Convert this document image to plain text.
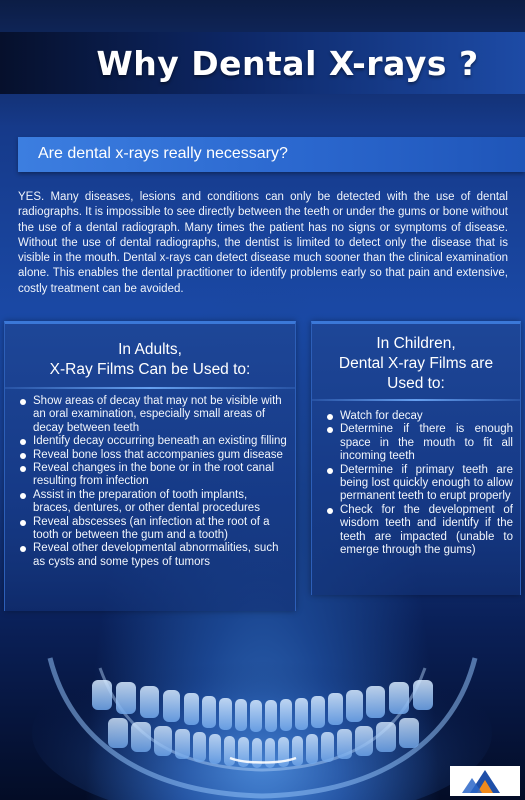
Why Dental X-rays ?
Are dental x-rays really necessary?

YES. Many diseases, lesions and conditions can only be detected with the use of dental radiographs. It is impossible to see directly between the teeth or under the gums or bone without the use of a dental radiograph. Many times the patient has no signs or symptoms of disease. Without the use of dental radiographs, the dentist is limited to detect only the disease that is visible in the mouth. Dental x-rays can detect disease much sooner than the clinical examination alone. This enables the dental practitioner to identify problems early so that pain and extensive, costly treatment can be avoided.

In Adults,
X-Ray Films Can be Used to:
Show areas of decay that may not be visible with an oral examination, especially small areas of decay between teeth
Identify decay occurring beneath an existing filling
Reveal bone loss that accompanies gum disease
Reveal changes in the bone or in the root canal resulting from infection
Assist in the preparation of tooth implants, braces, dentures, or other dental procedures
Reveal abscesses (an infection at the root of a tooth or between the gum and a tooth)
Reveal other developmental abnormalities, such as cysts and some types of tumors
In Children,
Dental X-ray Films are
Used to:
Watch for decay
Determine if there is enough space in the mouth to fit all incoming teeth
Determine if primary teeth are being lost quickly enough to allow permanent teeth to erupt properly
Check for the development of wisdom teeth and identify if the teeth are impacted (unable to emerge through the gums)
